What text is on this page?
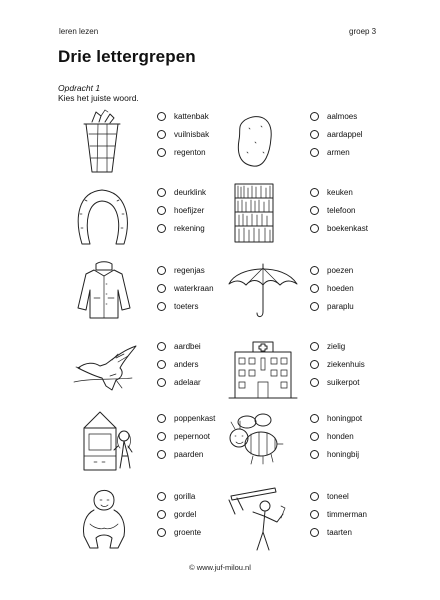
leren lezen	groep 3
Drie lettergrepen
Opdracht 1
Kies het juiste woord.
kattenbak
vuilnisbak
regenton
aalmoes
aardappel
armen
deurklink
hoefijzer
rekening
keuken
telefoon
boekenkast
regenjas
waterkraan
toeters
poezen
hoeden
paraplu
aardbei
anders
adelaar
zielig
ziekenhuis
suikerpot
poppenkast
pepernoot
paarden
honingpot
honden
honingbij
gorilla
gordel
groente
toneel
timmerman
taarten
© www.juf-milou.nl
